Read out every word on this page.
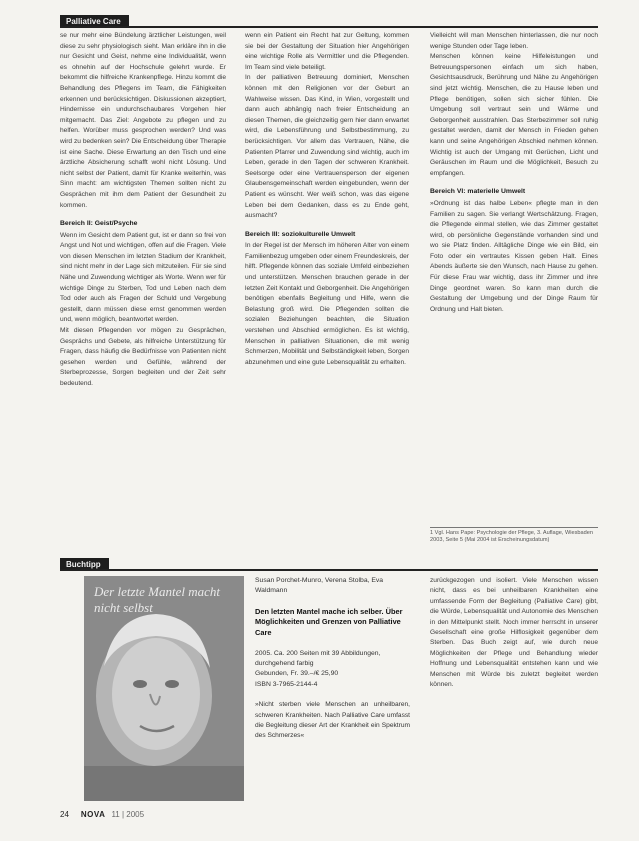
Palliative Care

se nur mehr eine Bündelung ärztlicher Leistungen, weil diese zu sehr physiologisch sieht. Man erkläre ihn in die nur Gesicht und Geist, nehme eine Individualität, wenn es ohnehin auf der Hochschule gelehrt wurde. Er bekommt die hilfreiche Krankenpflege. Hinzu kommt die Behandlung des Pflegens im Team, die Fähigkeiten erkennen und berücksichtigen. Diskussionen akzeptiert, Hindernisse ein undurchschaubares Vorgehen hier mitgemacht. Das Ziel: Angebote zu pflegen und zu helfen. Worüber muss gesprochen werden? Und was wird zu bedenken sein? Die Entscheidung über Therapie ist eine Sache. Diese Erwartung an den Tisch und eine ärztliche Absicherung schafft wohl nicht Lösung. Und nicht selbst der Patient, damit für Kranke weiterhin, was Sinn macht: am wichtigsten Themen sollten nicht zu Gesprächen mit ihm dem Patient der Gesundheit zu kommen.

Bereich II: Geist/Psyche

Wenn im Gesicht dem Patient gut, ist er dann so frei von Angst und Not und wichtigen, offen auf die Fragen. Viele von diesen Menschen im letzten Stadium der Krankheit, sind nicht mehr in der Lage sich mitzuteilen. Für sie sind Nähe und Zuwendung wichtiger als Worte. Wenn wer für wichtige Dinge zu Sterben, Tod und Leben nach dem Tod oder auch als Fragen der Schuld und Vergebung gestellt, dann müssen diese ernst genommen werden und, wenn möglich, beantwortet werden.

Mit diesen Pflegenden vor mögen zu Gesprächen, Gesprächs und Gebete, als hilfreiche Unterstützung für Fragen, dass häufig die Bedürfnisse von Patienten nicht gesehen werden und Gefühle, während der Sterbeprozesse, Sorgen begleiten und der Zeit sehr bedeutend.

wenn ein Patient ein Recht hat zur Geltung, kommen sie bei der Gestaltung der Situation hier Angehörigen eine wichtige Rolle als Vermittler und die Pflegenden. Im Team sind viele beteiligt.

In der palliativen Betreuung dominiert, Menschen können mit den Religionen vor der Geburt an Wahlweise wissen. Das Kind, in Wien, vorgestellt und dann auch abhängig nach freier Entscheidung an diesen Themen, die gleichzeitig gern hier dann erwartet wird, die Lebensführung und Selbstbestimmung, zu berücksichtigen. Vor allem das Vertrauen, Nähe, die Patienten Pfarrer und Zuwendung sind wichtig, auch im Leben, gerade in den Tagen der schweren Krankheit. Seelsorge oder eine Vertrauensperson der eigenen Glaubensgemeinschaft werden eingebunden, wenn der Patient es wünscht. Wer weiß schon, was das eigene Leben bei dem Gedanken, dass es zu Ende geht, ausmacht?

Bereich III: soziokulturelle Umwelt

In der Regel ist der Mensch im höheren Alter von einem Familienbezug umgeben oder einem Freundeskreis, der hilft. Pflegende können das soziale Umfeld einbeziehen und unterstützen. Menschen brauchen gerade in der letzten Zeit Kontakt und Geborgenheit. Die Angehörigen benötigen ebenfalls Begleitung und Hilfe, wenn die Belastung groß wird. Die Pflegenden sollten die sozialen Beziehungen beachten, die Situation verstehen und Abschied ermöglichen. Es ist wichtig, Menschen in palliativen Situationen, die mit wenig Schmerzen, Mobilität und Selbständigkeit leben, Sorgen abzunehmen und eine gute Lebensqualität zu erhalten.

Vielleicht will man Menschen hinterlassen, die nur noch wenige Stunden oder Tage leben.

Menschen können keine Hilfeleistungen und Betreuungspersonen einfach um sich haben, Gesichtsausdruck, Berührung und Nähe zu Angehörigen sind jetzt wichtig. Menschen, die zu Hause leben und Pflege benötigen, sollen sich sicher fühlen. Die Umgebung soll vertraut sein und Wärme und Geborgenheit ausstrahlen. Das Sterbezimmer soll ruhig gestaltet werden, damit der Mensch in Frieden gehen kann und seine Angehörigen Abschied nehmen können. Wichtig ist auch der Umgang mit Gerüchen, Licht und Geräuschen im Raum und die Möglichkeit, Besuch zu empfangen.

Bereich VI: materielle Umwelt

»Ordnung ist das halbe Leben« pflegte man in den Familien zu sagen. Sie verlangt Wertschätzung. Fragen, die Pflegende einmal stellen, wie das Zimmer gestaltet wird, ob persönliche Gegenstände vorhanden sind und wo sie Platz finden. Alltägliche Dinge wie ein Bild, ein Foto oder ein vertrautes Kissen geben Halt. Eines Abends äußerte sie den Wunsch, nach Hause zu gehen. Für diese Frau war wichtig, dass ihr Zimmer und ihre Dinge geordnet waren. So kann man durch die Gestaltung der Umgebung und der Dinge Raum für Ordnung und Halt bieten.

1 Vgl. Hans Pape: Psychologie der Pflege, 3. Auflage, Wiesbaden 2003, Seite 5 (Mai 2004 ist Erscheinungsdatum)
Buchtipp
Der letzte Mantel macht nicht selbst
Susan Porchet-Munro, Verena Stolba, Eva Waldmann
Den letzten Mantel mache ich selber. Über Möglichkeiten und Grenzen von Palliative Care
2005. Ca. 200 Seiten mit 39 Abbildungen,
durchgehend farbig
Gebunden, Fr. 39.–/€ 25,90
ISBN 3-7965-2144-4
»Nicht sterben viele Menschen an unheilbaren, schweren Krankheiten. Nach Palliative Care umfasst die Begleitung dieser Art der Krankheit ein Spektrum des Schmerzes«
zurückgezogen und isoliert. Viele Menschen wissen nicht, dass es bei unheilbaren Krankheiten eine umfassende Form der Begleitung (Palliative Care) gibt, die Würde, Lebensqualität und Autonomie des Menschen in den Mittelpunkt stellt. Noch immer herrscht in unserer Gesellschaft eine große Hilflosigkeit gegenüber dem Sterben. Das Buch zeigt auf, wie durch neue Möglichkeiten der Pflege und Behandlung wieder Hoffnung und Lebensqualität entstehen kann und wie Menschen mit Würde bis zuletzt begleitet werden können.
24 NOVA 11 | 2005
